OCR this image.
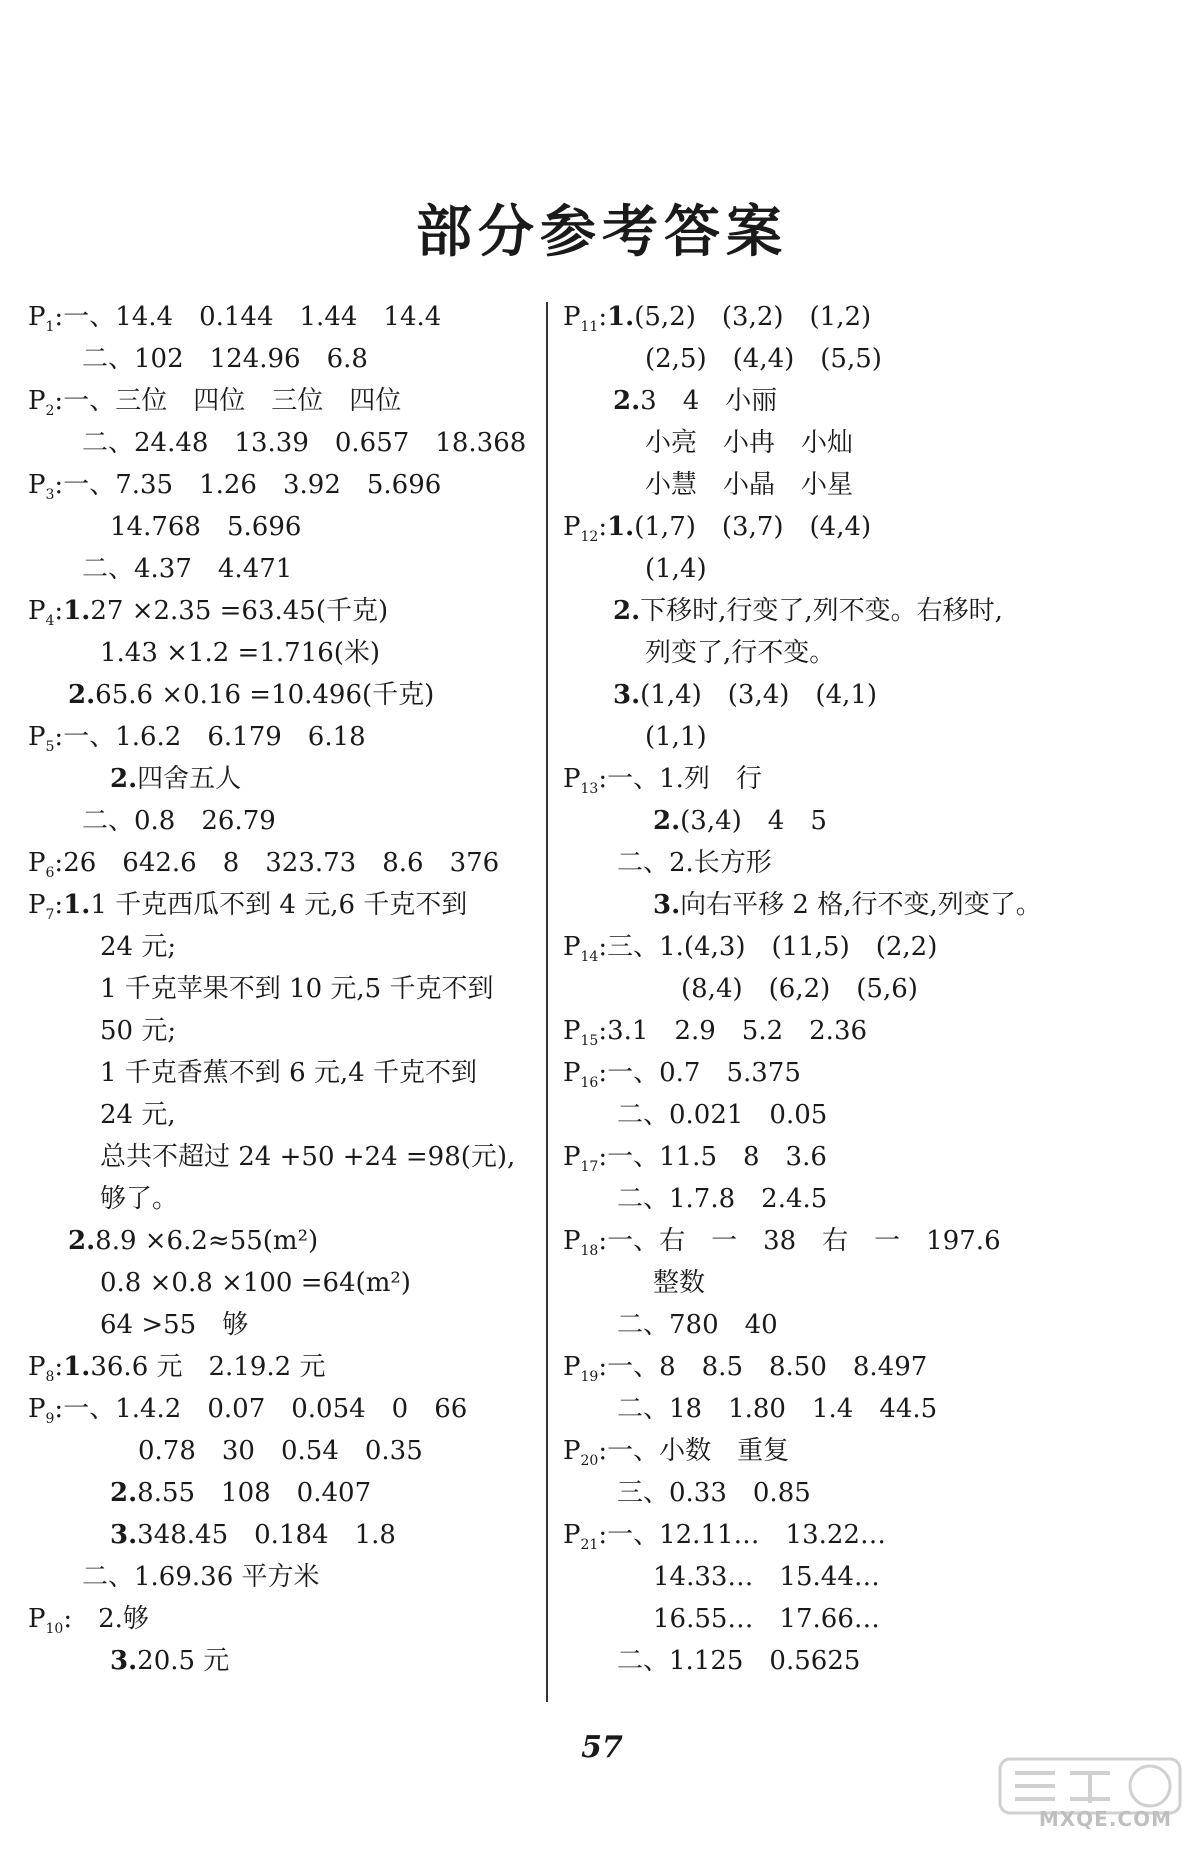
部分参考答案
$P_1$:一、14.4　0.144　1.44　14.4
二、102　124.96　6.8
$P_2$:一、三位　四位　三位　四位
二、24.48　13.39　0.657　18.368
$P_3$:一、7.35　1.26　3.92　5.696
14.768　5.696
二、4.37　4.471
$P_4:1.27 \times 2.35 =63.45$(千克)
1.43 ×1.2 =1.716(米)
2.65.6 ×0.16 =10.496(千克)
$P_5$:一、1.6.2　6.179　6.18
2.四舍五人
二、0.8　26.79
$P_6:26$　642.6　8　323.73　8.6　376
$P_7:1.1$ 千克西瓜不到 4 元,6 千克不到
24 元;
1 千克苹果不到 10 元,5 千克不到
50 元;
1 千克香蕉不到 6 元,4 千克不到
24 元,
总共不超过 24 +50 +24 =98(元),
够了。
2.8.9 ×6.2≈55(m²)
0.8 ×0.8 ×100 =64(m²)
64 >55　够
$P_8:1.36.6$ 元　2.19.2 元
$P_9$:一、1.4.2　0.07　0.054　0　66
0.78　30　0.54　0.35
2.8.55　108　0.407
3.348.45　0.184　1.8
二、1.69.36 平方米
$P_{10}$:　2.够
3.20.5 元
$P_{11}:1.(5,2)$　(3,2)　(1,2)
(2,5)　(4,4)　(5,5)
2.3　4　小丽
小亮　小冉　小灿
小慧　小晶　小星
$P_{12}:1.(1,7)$　(3,7)　(4,4)
(1,4)
2.下移时,行变了,列不变。右移时,
列变了,行不变。
3.(1,4)　(3,4)　(4,1)
(1,1)
$P_{13}$:一、1.列　行
2.(3,4)　4　5
二、2.长方形
3.向右平移 2 格,行不变,列变了。
$P_{14}$:三、1.(4,3)　(11,5)　(2,2)
(8,4)　(6,2)　(5,6)
$P_{15}:3.1$　2.9　5.2　2.36
$P_{16}$:一、0.7　5.375
二、0.021　0.05
$P_{17}$:一、11.5　8　3.6
二、1.7.8　2.4.5
$P_{18}$:一、右　一　38　右　一　197.6
整数
二、780　40
$P_{19}$:一、8　8.5　8.50　8.497
二、18　1.80　1.4　44.5
$P_{20}$:一、小数　重复
三、0.33　0.85
$P_{21}$:一、12.11…　13.22…
14.33…　15.44…
16.55…　17.66…
二、1.125　0.5625
57
MXQE.COM
